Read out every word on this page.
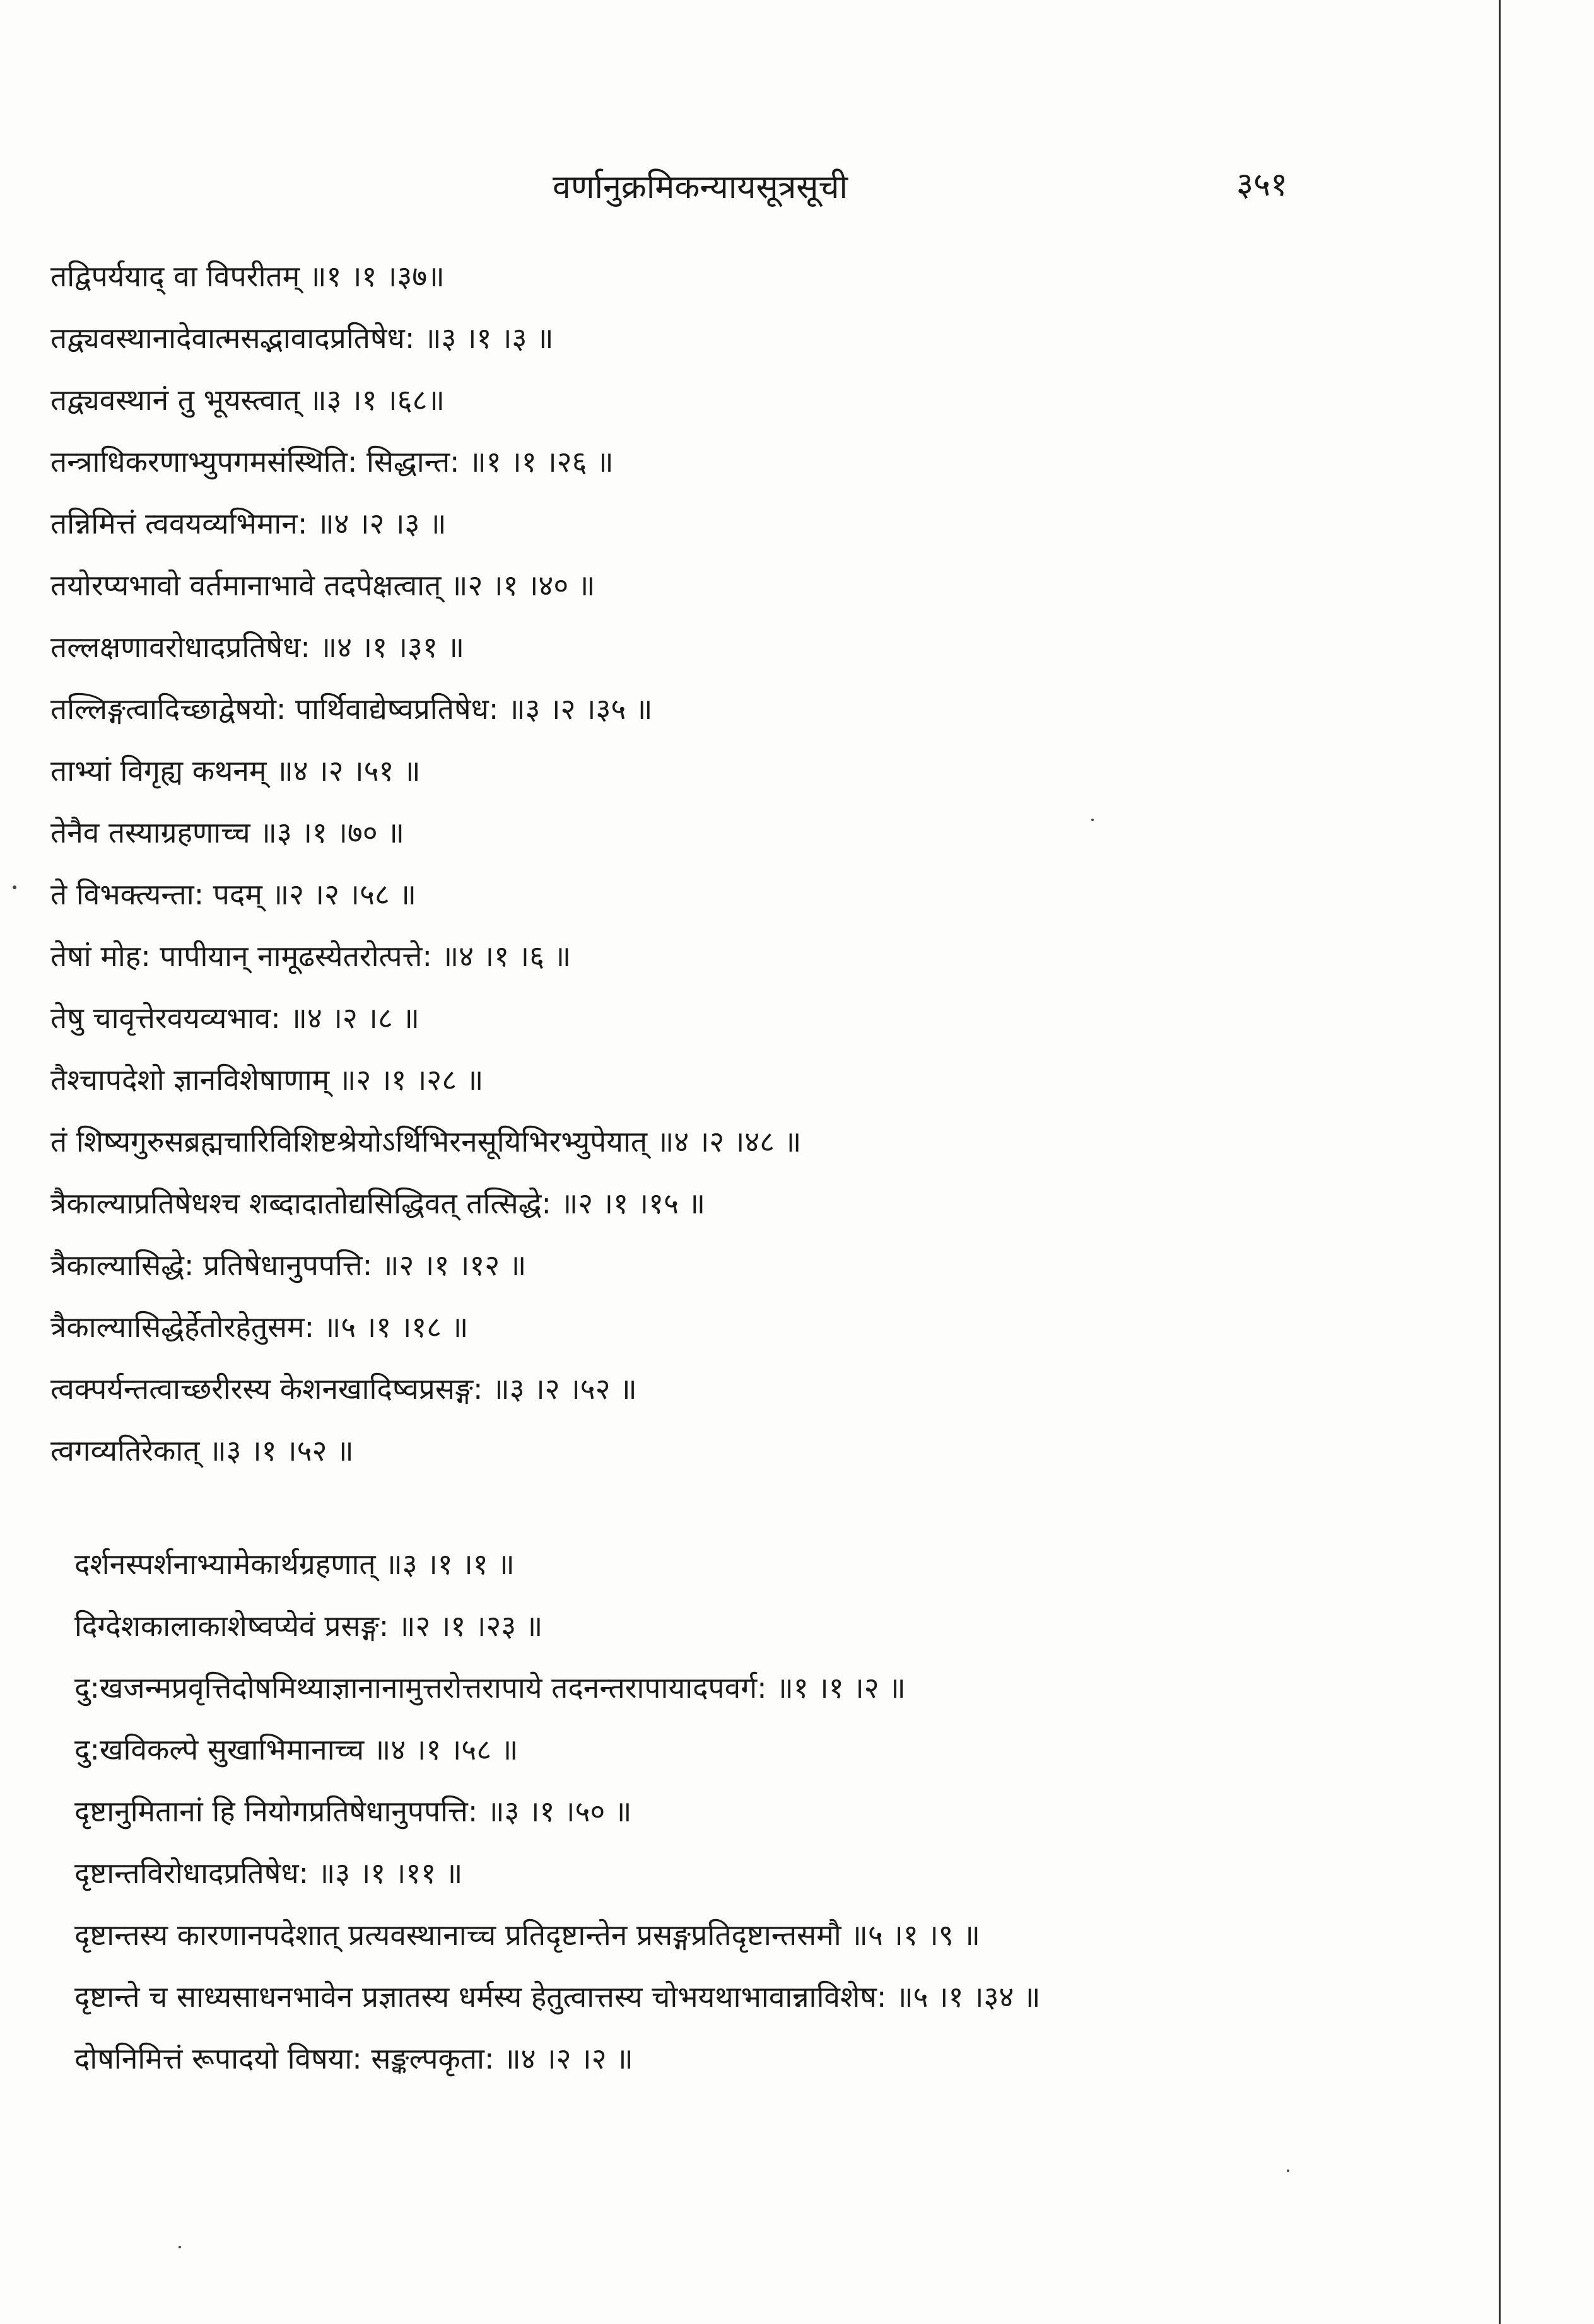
वर्णानुक्रमिकन्यायसूत्रसूची	३५१
तद्विपर्ययाद् वा विपरीतम् ॥१ ।१ ।३७॥
तद्व्यवस्थानादेवात्मसद्भावादप्रतिषेध: ॥३ ।१ ।३ ॥
तद्व्यवस्थानं तु भूयस्त्वात् ॥३ ।१ ।६८॥
तन्त्राधिकरणाभ्युपगमसंस्थिति: सिद्धान्त: ॥१ ।१ ।२६ ॥
तन्निमित्तं त्ववयव्यभिमान: ॥४ ।२ ।३ ॥
तयोरप्यभावो वर्तमानाभावे तदपेक्षत्वात् ॥२ ।१ ।४० ॥
तल्लक्षणावरोधादप्रतिषेध: ॥४ ।१ ।३१ ॥
तल्लिङ्गत्वादिच्छाद्वेषयो: पार्थिवाद्येष्वप्रतिषेध: ॥३ ।२ ।३५ ॥
ताभ्यां विगृह्य कथनम् ॥४ ।२ ।५१ ॥
तेनैव तस्याग्रहणाच्च ॥३ ।१ ।७० ॥
ते विभक्त्यन्ता: पदम् ॥२ ।२ ।५८ ॥
तेषां मोह: पापीयान् नामूढस्येतरोत्पत्ते: ॥४ ।१ ।६ ॥
तेषु चावृत्तेरवयव्यभाव: ॥४ ।२ ।८ ॥
तैश्चापदेशो ज्ञानविशेषाणाम् ॥२ ।१ ।२८ ॥
तं शिष्यगुरुसब्रह्मचारिविशिष्टश्रेयोऽर्थिभिरनसूयिभिरभ्युपेयात् ॥४ ।२ ।४८ ॥
त्रैकाल्याप्रतिषेधश्च शब्दादातोद्यसिद्धिवत् तत्सिद्धे: ॥२ ।१ ।१५ ॥
त्रैकाल्यासिद्धे: प्रतिषेधानुपपत्ति: ॥२ ।१ ।१२ ॥
त्रैकाल्यासिद्धेर्हेतोरहेतुसम: ॥५ ।१ ।१८ ॥
त्वक्पर्यन्तत्वाच्छरीरस्य केशनखादिष्वप्रसङ्ग: ॥३ ।२ ।५२ ॥
त्वगव्यतिरेकात् ॥३ ।१ ।५२ ॥
दर्शनस्पर्शनाभ्यामेकार्थग्रहणात् ॥३ ।१ ।१ ॥
दिग्देशकालाकाशेष्वप्येवं प्रसङ्ग: ॥२ ।१ ।२३ ॥
दु:खजन्मप्रवृत्तिदोषमिथ्याज्ञानानामुत्तरोत्तरापाये तदनन्तरापायादपवर्ग: ॥१ ।१ ।२ ॥
दु:खविकल्पे सुखाभिमानाच्च ॥४ ।१ ।५८ ॥
दृष्टानुमितानां हि नियोगप्रतिषेधानुपपत्ति: ॥३ ।१ ।५० ॥
दृष्टान्तविरोधादप्रतिषेध: ॥३ ।१ ।११ ॥
दृष्टान्तस्य कारणानपदेशात् प्रत्यवस्थानाच्च प्रतिदृष्टान्तेन प्रसङ्गप्रतिदृष्टान्तसमौ ॥५ ।१ ।९ ॥
दृष्टान्ते च साध्यसाधनभावेन प्रज्ञातस्य धर्मस्य हेतुत्वात्तस्य चोभयथाभावान्नाविशेष: ॥५ ।१ ।३४ ॥
दोषनिमित्तं रूपादयो विषया: सङ्कल्पकृता: ॥४ ।२ ।२ ॥
